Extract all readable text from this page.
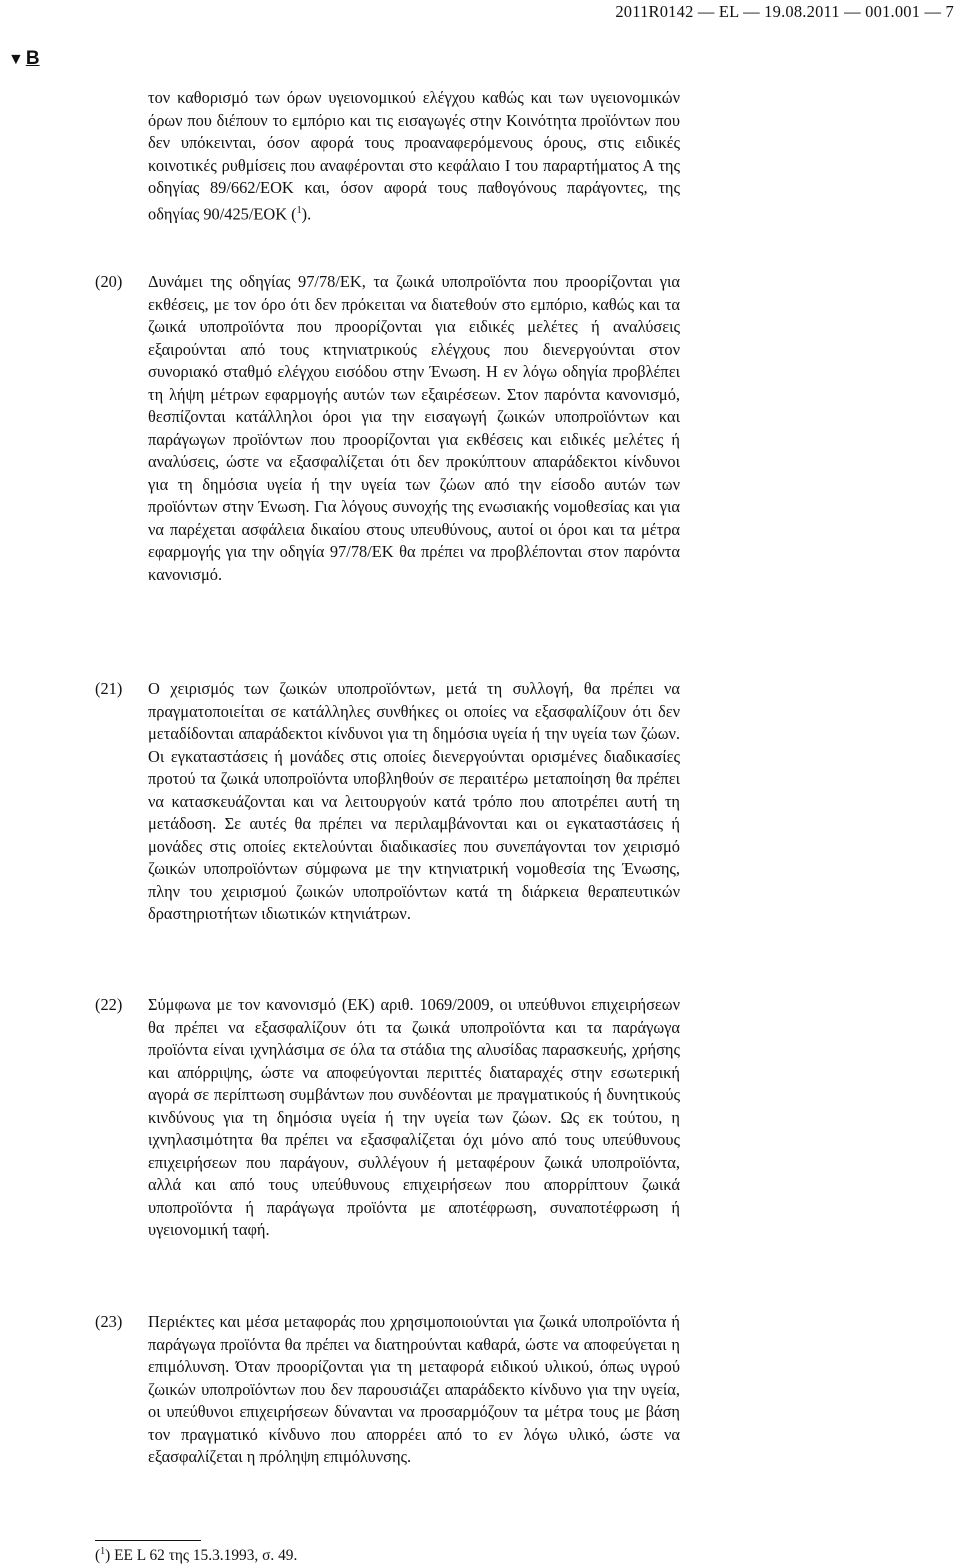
2011R0142 — EL — 19.08.2011 — 001.001 — 7
▼ B

τον καθορισμό των όρων υγειονομικού ελέγχου καθώς και των υγειονομικών όρων που διέπουν το εμπόριο και τις εισαγωγές στην Κοινότητα προϊόντων που δεν υπόκεινται, όσον αφορά τους προαναφερόμενους όρους, στις ειδικές κοινοτικές ρυθμίσεις που αναφέρονται στο κεφάλαιο Ι του παραρτήματος Α της οδηγίας 89/662/ΕΟΚ και, όσον αφορά τους παθογόνους παράγοντες, της οδηγίας 90/425/ΕΟΚ ($^1$).

(20) Δυνάμει της οδηγίας 97/78/ΕΚ, τα ζωικά υποπροϊόντα που προορίζονται για εκθέσεις, με τον όρο ότι δεν πρόκειται να διατεθούν στο εμπόριο, καθώς και τα ζωικά υποπροϊόντα που προορίζονται για ειδικές μελέτες ή αναλύσεις εξαιρούνται από τους κτηνιατρικούς ελέγχους που διενεργούνται στον συνοριακό σταθμό ελέγχου εισόδου στην Ένωση. Η εν λόγω οδηγία προβλέπει τη λήψη μέτρων εφαρμογής αυτών των εξαιρέσεων. Στον παρόντα κανονισμό, θεσπίζονται κατάλληλοι όροι για την εισαγωγή ζωικών υποπροϊόντων και παράγωγων προϊόντων που προορίζονται για εκθέσεις και ειδικές μελέτες ή αναλύσεις, ώστε να εξασφαλίζεται ότι δεν προκύπτουν απαράδεκτοι κίνδυνοι για τη δημόσια υγεία ή την υγεία των ζώων από την είσοδο αυτών των προϊόντων στην Ένωση. Για λόγους συνοχής της ενωσιακής νομοθεσίας και για να παρέχεται ασφάλεια δικαίου στους υπευθύνους, αυτοί οι όροι και τα μέτρα εφαρμογής για την οδηγία 97/78/ΕΚ θα πρέπει να προβλέπονται στον παρόντα κανονισμό.

(21) Ο χειρισμός των ζωικών υποπροϊόντων, μετά τη συλλογή, θα πρέπει να πραγματοποιείται σε κατάλληλες συνθήκες οι οποίες να εξασφαλίζουν ότι δεν μεταδίδονται απαράδεκτοι κίνδυνοι για τη δημόσια υγεία ή την υγεία των ζώων. Οι εγκαταστάσεις ή μονάδες στις οποίες διενεργούνται ορισμένες διαδικασίες προτού τα ζωικά υποπροϊόντα υποβληθούν σε περαιτέρω μεταποίηση θα πρέπει να κατασκευάζονται και να λειτουργούν κατά τρόπο που αποτρέπει αυτή τη μετάδοση. Σε αυτές θα πρέπει να περιλαμβάνονται και οι εγκαταστάσεις ή μονάδες στις οποίες εκτελούνται διαδικασίες που συνεπάγονται τον χειρισμό ζωικών υποπροϊόντων σύμφωνα με την κτηνιατρική νομοθεσία της Ένωσης, πλην του χειρισμού ζωικών υποπροϊόντων κατά τη διάρκεια θεραπευτικών δραστηριοτήτων ιδιωτικών κτηνιάτρων.

(22) Σύμφωνα με τον κανονισμό (ΕΚ) αριθ. 1069/2009, οι υπεύθυνοι επιχειρήσεων θα πρέπει να εξασφαλίζουν ότι τα ζωικά υποπροϊόντα και τα παράγωγα προϊόντα είναι ιχνηλάσιμα σε όλα τα στάδια της αλυσίδας παρασκευής, χρήσης και απόρριψης, ώστε να αποφεύγονται περιττές διαταραχές στην εσωτερική αγορά σε περίπτωση συμβάντων που συνδέονται με πραγματικούς ή δυνητικούς κινδύνους για τη δημόσια υγεία ή την υγεία των ζώων. Ως εκ τούτου, η ιχνηλασιμότητα θα πρέπει να εξασφαλίζεται όχι μόνο από τους υπεύθυνους επιχειρήσεων που παράγουν, συλλέγουν ή μεταφέρουν ζωικά υποπροϊόντα, αλλά και από τους υπεύθυνους επιχειρήσεων που απορρίπτουν ζωικά υποπροϊόντα ή παράγωγα προϊόντα με αποτέφρωση, συναποτέφρωση ή υγειονομική ταφή.

(23) Περιέκτες και μέσα μεταφοράς που χρησιμοποιούνται για ζωικά υποπροϊόντα ή παράγωγα προϊόντα θα πρέπει να διατηρούνται καθαρά, ώστε να αποφεύγεται η επιμόλυνση. Όταν προορίζονται για τη μεταφορά ειδικού υλικού, όπως υγρού ζωικών υποπροϊόντων που δεν παρουσιάζει απαράδεκτο κίνδυνο για την υγεία, οι υπεύθυνοι επιχειρήσεων δύνανται να προσαρμόζουν τα μέτρα τους με βάση τον πραγματικό κίνδυνο που απορρέει από το εν λόγω υλικό, ώστε να εξασφαλίζεται η πρόληψη επιμόλυνσης.

($^1$) ΕΕ L 62 της 15.3.1993, σ. 49.
